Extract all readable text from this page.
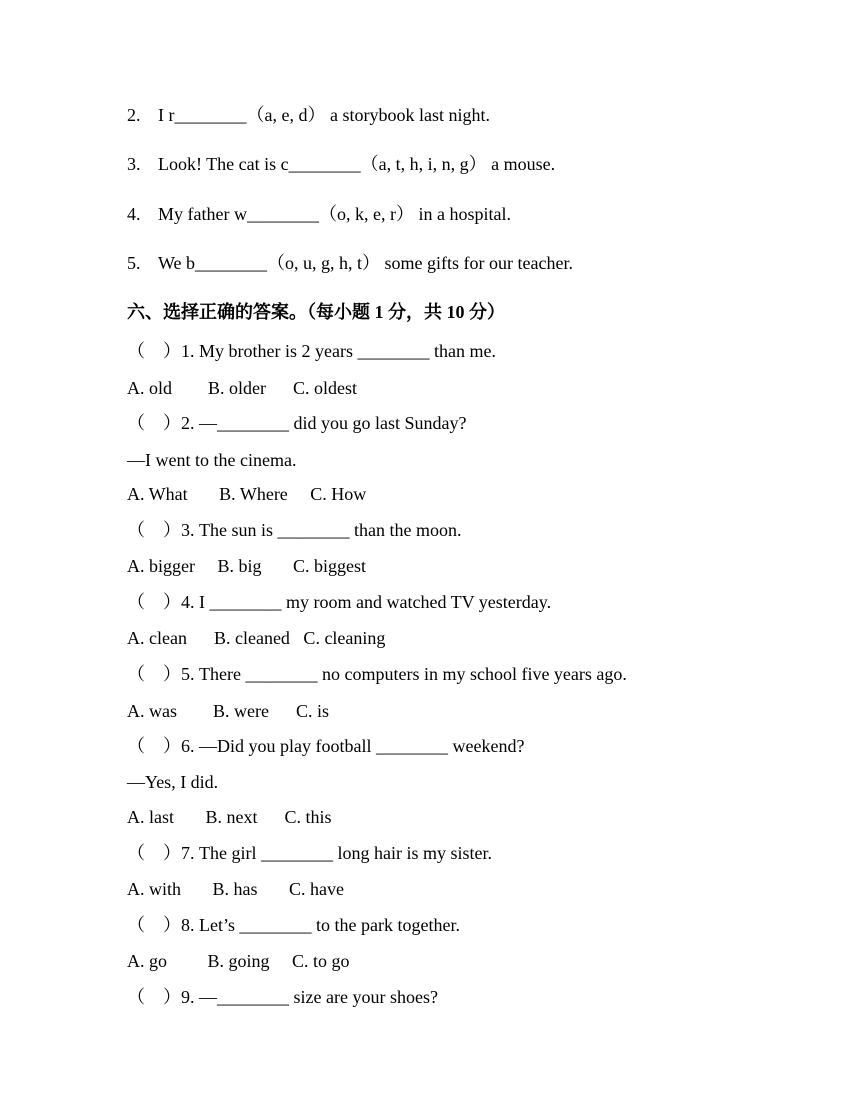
2. I r________（a, e, d） a storybook last night.
3. Look! The cat is c________（a, t, h, i, n, g） a mouse.
4. My father w________（o, k, e, r） in a hospital.
5. We b________（o, u, g, h, t） some gifts for our teacher.
六、选择正确的答案。（每小题 1 分，共 10 分）
（　）1. My brother is 2 years ________ than me.
A. old        B. older      C. oldest
（　）2. —________ did you go last Sunday?
—I went to the cinema.
A. What       B. Where     C. How
（　）3. The sun is ________ than the moon.
A. bigger     B. big       C. biggest
（　）4. I ________ my room and watched TV yesterday.
A. clean      B. cleaned   C. cleaning
（　）5. There ________ no computers in my school five years ago.
A. was        B. were      C. is
（　）6. —Did you play football ________ weekend?
—Yes, I did.
A. last       B. next      C. this
（　）7. The girl ________ long hair is my sister.
A. with       B. has       C. have
（　）8. Let’s ________ to the park together.
A. go         B. going     C. to go
（　）9. —________ size are your shoes?
